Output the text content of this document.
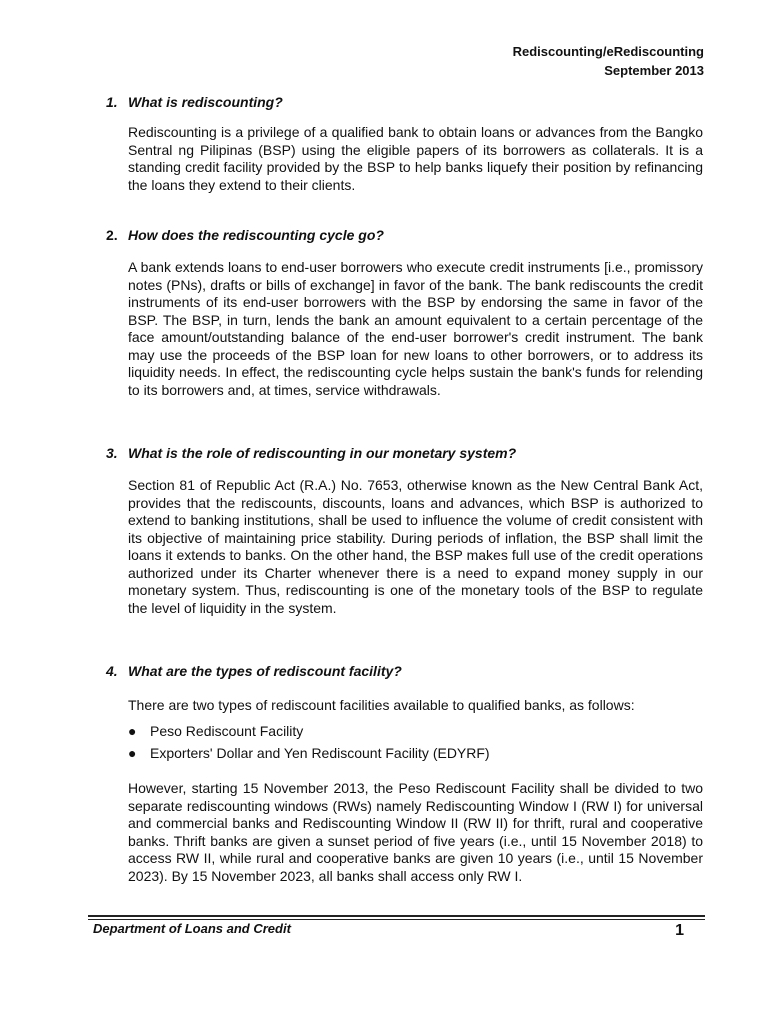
Rediscounting/eRediscounting
September 2013
1. What is rediscounting?
Rediscounting is a privilege of a qualified bank to obtain loans or advances from the Bangko Sentral ng Pilipinas (BSP) using the eligible papers of its borrowers as collaterals. It is a standing credit facility provided by the BSP to help banks liquefy their position by refinancing the loans they extend to their clients.
2. How does the rediscounting cycle go?
A bank extends loans to end-user borrowers who execute credit instruments [i.e., promissory notes (PNs), drafts or bills of exchange] in favor of the bank. The bank rediscounts the credit instruments of its end-user borrowers with the BSP by endorsing the same in favor of the BSP. The BSP, in turn, lends the bank an amount equivalent to a certain percentage of the face amount/outstanding balance of the end-user borrower's credit instrument. The bank may use the proceeds of the BSP loan for new loans to other borrowers, or to address its liquidity needs. In effect, the rediscounting cycle helps sustain the bank's funds for relending to its borrowers and, at times, service withdrawals.
3. What is the role of rediscounting in our monetary system?
Section 81 of Republic Act (R.A.) No. 7653, otherwise known as the New Central Bank Act, provides that the rediscounts, discounts, loans and advances, which BSP is authorized to extend to banking institutions, shall be used to influence the volume of credit consistent with its objective of maintaining price stability. During periods of inflation, the BSP shall limit the loans it extends to banks. On the other hand, the BSP makes full use of the credit operations authorized under its Charter whenever there is a need to expand money supply in our monetary system. Thus, rediscounting is one of the monetary tools of the BSP to regulate the level of liquidity in the system.
4. What are the types of rediscount facility?
There are two types of rediscount facilities available to qualified banks, as follows:
● Peso Rediscount Facility
● Exporters' Dollar and Yen Rediscount Facility (EDYRF)
However, starting 15 November 2013, the Peso Rediscount Facility shall be divided to two separate rediscounting windows (RWs) namely Rediscounting Window I (RW I) for universal and commercial banks and Rediscounting Window II (RW II) for thrift, rural and cooperative banks. Thrift banks are given a sunset period of five years (i.e., until 15 November 2018) to access RW II, while rural and cooperative banks are given 10 years (i.e., until 15 November 2023). By 15 November 2023, all banks shall access only RW I.
Department of Loans and Credit	1
